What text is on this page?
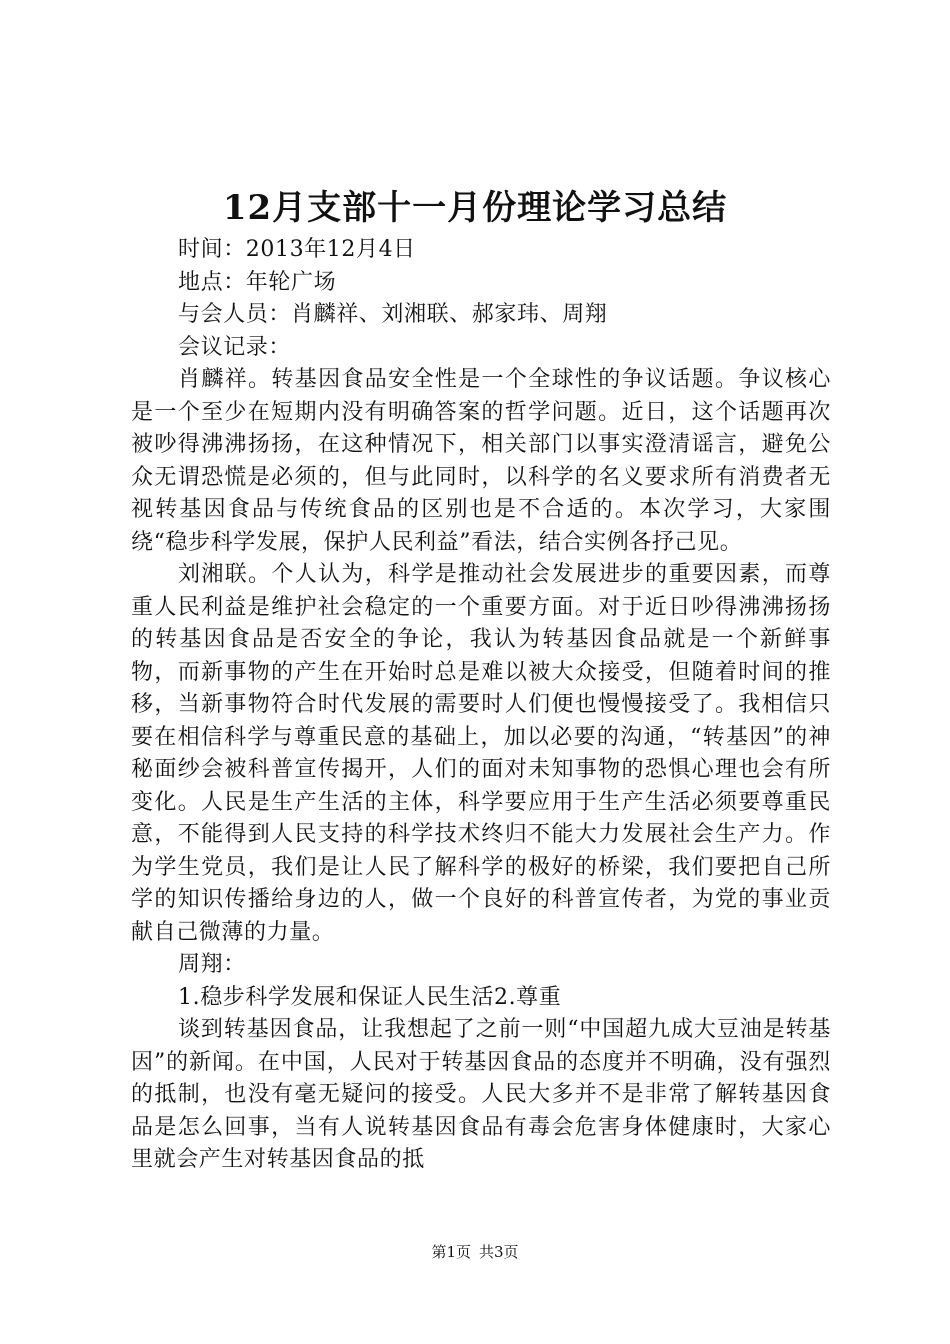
12月支部十一月份理论学习总结

时间：2013年12月4日

地点：年轮广场

与会人员：肖麟祥、刘湘联、郝家玮、周翔

会议记录：

肖麟祥。转基因食品安全性是一个全球性的争议话题。争议核心是一个至少在短期内没有明确答案的哲学问题。近日，这个话题再次被吵得沸沸扬扬，在这种情况下，相关部门以事实澄清谣言，避免公众无谓恐慌是必须的，但与此同时，以科学的名义要求所有消费者无视转基因食品与传统食品的区别也是不合适的。本次学习，大家围绕“稳步科学发展，保护人民利益”看法，结合实例各抒己见。

刘湘联。个人认为，科学是推动社会发展进步的重要因素，而尊重人民利益是维护社会稳定的一个重要方面。对于近日吵得沸沸扬扬的转基因食品是否安全的争论，我认为转基因食品就是一个新鲜事物，而新事物的产生在开始时总是难以被大众接受，但随着时间的推移，当新事物符合时代发展的需要时人们便也慢慢接受了。我相信只要在相信科学与尊重民意的基础上，加以必要的沟通，“转基因”的神秘面纱会被科普宣传揭开，人们的面对未知事物的恐惧心理也会有所变化。人民是生产生活的主体，科学要应用于生产生活必须要尊重民意，不能得到人民支持的科学技术终归不能大力发展社会生产力。作为学生党员，我们是让人民了解科学的极好的桥梁，我们要把自己所学的知识传播给身边的人，做一个良好的科普宣传者，为党的事业贡献自己微薄的力量。

周翔：

1.稳步科学发展和保证人民生活2.尊重

谈到转基因食品，让我想起了之前一则“中国超九成大豆油是转基因”的新闻。在中国，人民对于转基因食品的态度并不明确，没有强烈的抵制，也没有毫无疑问的接受。人民大多并不是非常了解转基因食品是怎么回事，当有人说转基因食品有毒会危害身体健康时，大家心里就会产生对转基因食品的抵

第1页 共3页
